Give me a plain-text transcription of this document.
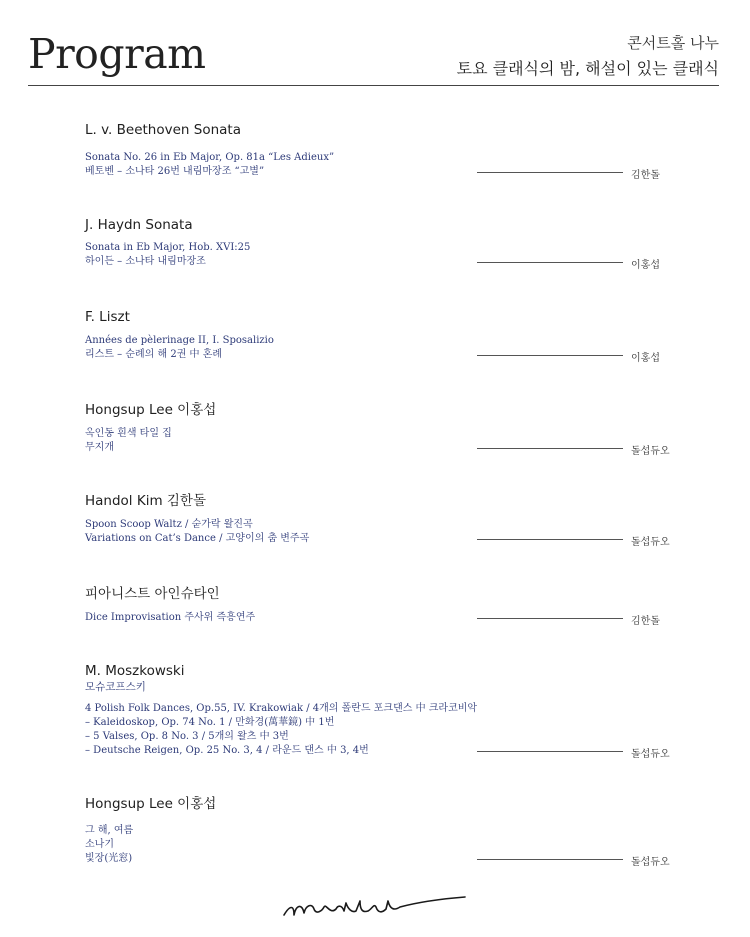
Program	콘서트홀 나누
토요 클래식의 밤, 해설이 있는 클래식
L. v. Beethoven Sonata
Sonata No. 26 in Eb Major, Op. 81a “Les Adieux”
베토벤 – 소나타 26번 내림마장조 “고별”	김한돌
J. Haydn Sonata
Sonata in Eb Major, Hob. XVI:25
하이든 – 소나타 내림마장조	이홍섭
F. Liszt
Années de pèlerinage II, I. Sposalizio
리스트 – 순례의 해 2권 中 혼례	이홍섭
Hongsup Lee 이홍섭
옥인동 흰색 타일 집
무지개	돌섭듀오
Handol Kim 김한돌
Spoon Scoop Waltz / 숟가락 왈진곡
Variations on Cat’s Dance / 고양이의 춤 변주곡	돌섭듀오
피아니스트 아인슈타인
Dice Improvisation 주사위 즉흥연주	김한돌
M. Moszkowski
모슈코프스키
4 Polish Folk Dances, Op.55, IV. Krakowiak / 4개의 폴란드 포크댄스 中 크라코비악
– Kaleidoskop, Op. 74 No. 1 / 만화경(萬華鏡) 中 1번
– 5 Valses, Op. 8 No. 3 / 5개의 왈츠 中 3번
– Deutsche Reigen, Op. 25 No. 3, 4 / 라운드 댄스 中 3, 4번	돌섭듀오
Hongsup Lee 이홍섭
그 해, 여름
소나기
빛장(光窓)	돌섭듀오
